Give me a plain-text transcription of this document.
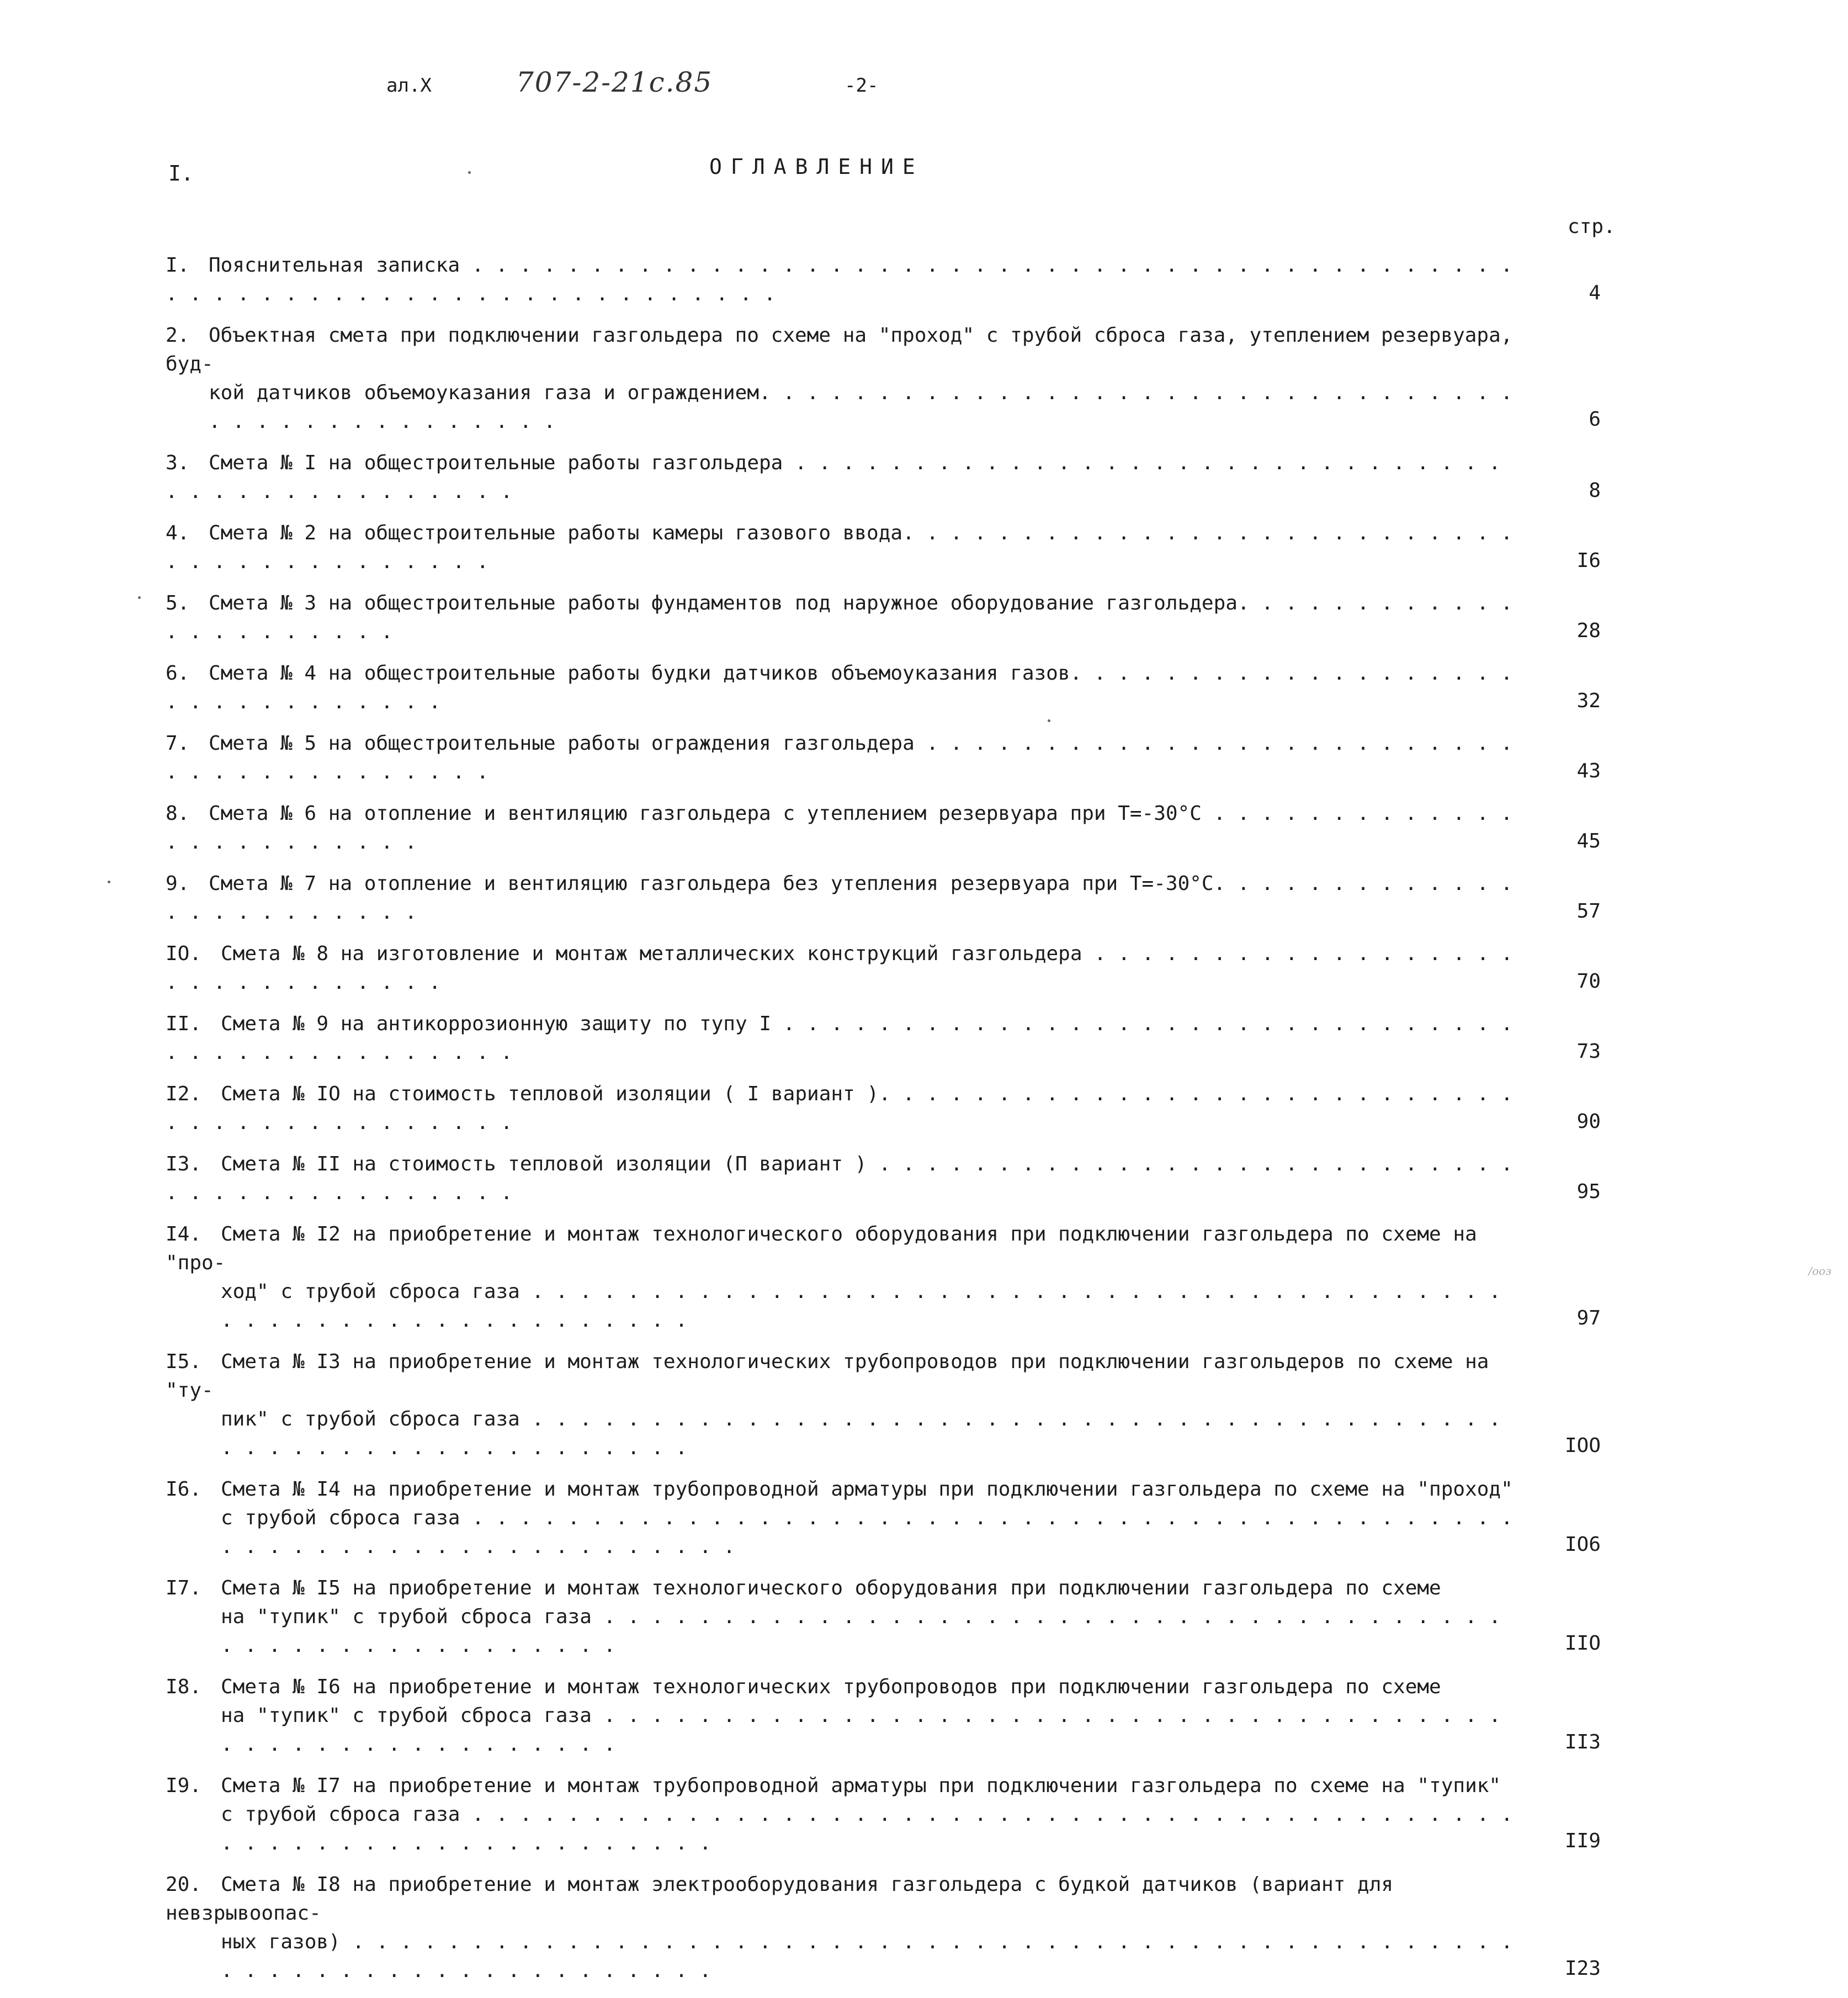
ал.Х	707-2-21с.85	-2-
I.	ОГЛАВЛЕНИЕ
стр.
I. Пояснительная записка . . . . . . . . . . . . . . . . . . . . . . . . . . . . . . . . . . . . . . . . . . . . . . . . . . . . . . . . . . . . . . . . . . . . . .	4
2. Объектная смета при подключении газгольдера по схеме на "проход" с трубой сброса газа, утеплением резервуара, буд-
кой датчиков объемоуказания газа и ограждением. . . . . . . . . . . . . . . . . . . . . . . . . . . . . . . . . . . . . . . . . . . . . . .	6
3. Смета № I на общестроительные работы газгольдера . . . . . . . . . . . . . . . . . . . . . . . . . . . . . . . . . . . . . . . . . . . . .	8
4. Смета № 2 на общестроительные работы камеры газового ввода. . . . . . . . . . . . . . . . . . . . . . . . . . . . . . . . . . . . . . . .	I6
5. Смета № 3 на общестроительные работы фундаментов под наружное оборудование газгольдера. . . . . . . . . . . . . . . . . . . . . .	28
6. Смета № 4 на общестроительные работы будки датчиков объемоуказания газов. . . . . . . . . . . . . . . . . . . . . . . . . . . . . . .	32
7. Смета № 5 на общестроительные работы ограждения газгольдера . . . . . . . . . . . . . . . . . . . . . . . . . . . . . . . . . . . . . . .	43
8. Смета № 6 на отопление и вентиляцию газгольдера с утеплением резервуара при Т=-30°С . . . . . . . . . . . . . . . . . . . . . . . .	45
9. Смета № 7 на отопление и вентиляцию газгольдера без утепления резервуара при Т=-30°С. . . . . . . . . . . . . . . . . . . . . . . .	57
IO. Смета № 8 на изготовление и монтаж металлических конструкций газгольдера . . . . . . . . . . . . . . . . . . . . . . . . . . . . . .	70
II. Смета № 9 на антикоррозионную защиту по тупу I . . . . . . . . . . . . . . . . . . . . . . . . . . . . . . . . . . . . . . . . . . . . . .	73
I2. Смета № IO на стоимость тепловой изоляции ( I вариант ). . . . . . . . . . . . . . . . . . . . . . . . . . . . . . . . . . . . . . . . . .	90
I3. Смета № II на стоимость тепловой изоляции (П вариант ) . . . . . . . . . . . . . . . . . . . . . . . . . . . . . . . . . . . . . . . . . .	95
I4. Смета № I2 на приобретение и монтаж технологического оборудования при подключении газгольдера по схеме на "про-
ход" с трубой сброса газа . . . . . . . . . . . . . . . . . . . . . . . . . . . . . . . . . . . . . . . . . . . . . . . . . . . . . . . . . . . . .	97
I5. Смета № I3 на приобретение и монтаж технологических трубопроводов при подключении газгольдеров по схеме на "ту-
пик" с трубой сброса газа . . . . . . . . . . . . . . . . . . . . . . . . . . . . . . . . . . . . . . . . . . . . . . . . . . . . . . . . . . . . .	IOO
I6. Смета № I4 на приобретение и монтаж трубопроводной арматуры при подключении газгольдера по схеме на "проход"
с трубой сброса газа . . . . . . . . . . . . . . . . . . . . . . . . . . . . . . . . . . . . . . . . . . . . . . . . . . . . . . . . . . . . . . . . . .	IO6
I7. Смета № I5 на приобретение и монтаж технологического оборудования при подключении газгольдера по схеме
на "тупик" с трубой сброса газа . . . . . . . . . . . . . . . . . . . . . . . . . . . . . . . . . . . . . . . . . . . . . . . . . . . . . . .	IIO
I8. Смета № I6 на приобретение и монтаж технологических трубопроводов при подключении газгольдера по схеме
на "тупик" с трубой сброса газа . . . . . . . . . . . . . . . . . . . . . . . . . . . . . . . . . . . . . . . . . . . . . . . . . . . . . . .	II3
I9. Смета № I7 на приобретение и монтаж трубопроводной арматуры при подключении газгольдера по схеме на "тупик"
с трубой сброса газа . . . . . . . . . . . . . . . . . . . . . . . . . . . . . . . . . . . . . . . . . . . . . . . . . . . . . . . . . . . . . . . . .	II9
20. Смета № I8 на приобретение и монтаж электрооборудования газгольдера с будкой датчиков (вариант для невзрывоопас-
ных газов) . . . . . . . . . . . . . . . . . . . . . . . . . . . . . . . . . . . . . . . . . . . . . . . . . . . . . . . . . . . . . . . . . . . . . .	I23
/ооз
